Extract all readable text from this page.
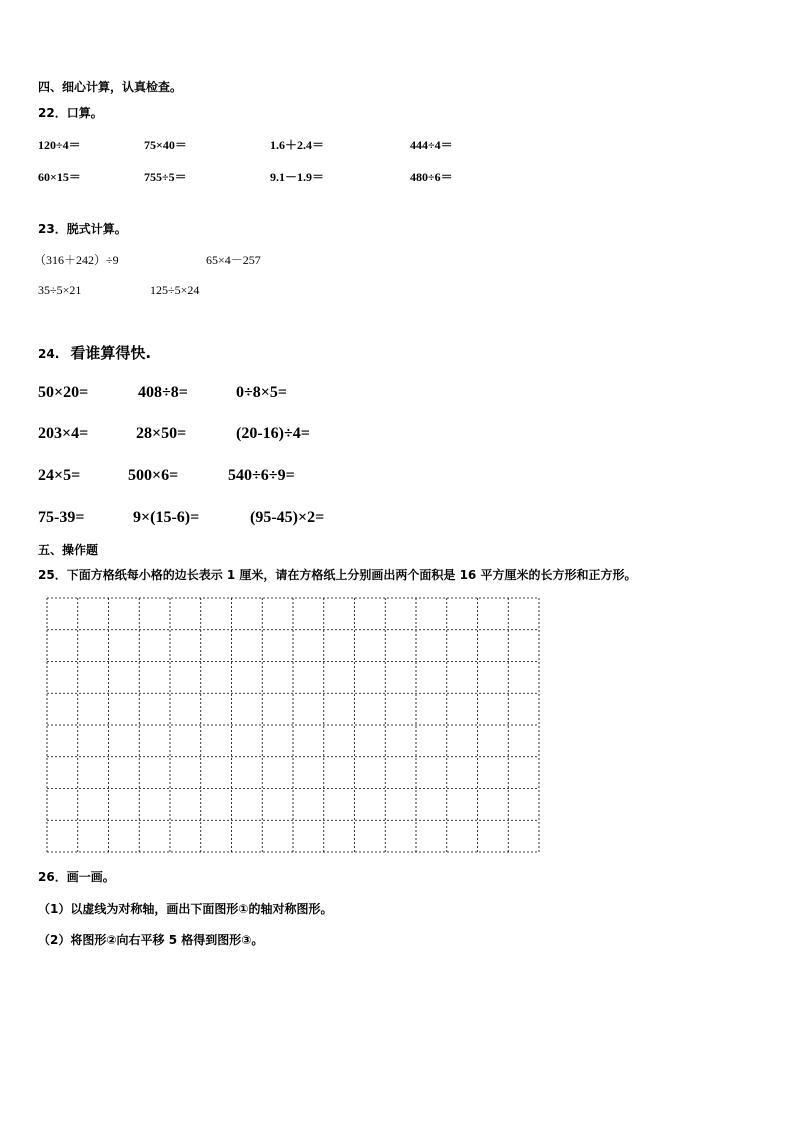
四、细心计算，认真检查。
22．口算。
120÷4＝	75×40＝	1.6＋2.4＝	444÷4＝
60×15＝	755÷5＝	9.1－1.9＝	480÷6＝
23．脱式计算。
（316＋242）÷9	65×4－257
35÷5×21	125÷5×24
24. 看谁算得快.
50×20=	408÷8=	0÷8×5=
203×4=	28×50=	(20-16)÷4=
24×5=	500×6=	540÷6÷9=
75-39=	9×(15-6)=	(95-45)×2=
五、操作题
25．下面方格纸每小格的边长表示 1 厘米，请在方格纸上分别画出两个面积是 16 平方厘米的长方形和正方形。
26．画一画。
（1）以虚线为对称轴，画出下面图形①的轴对称图形。
（2）将图形②向右平移 5 格得到图形③。
